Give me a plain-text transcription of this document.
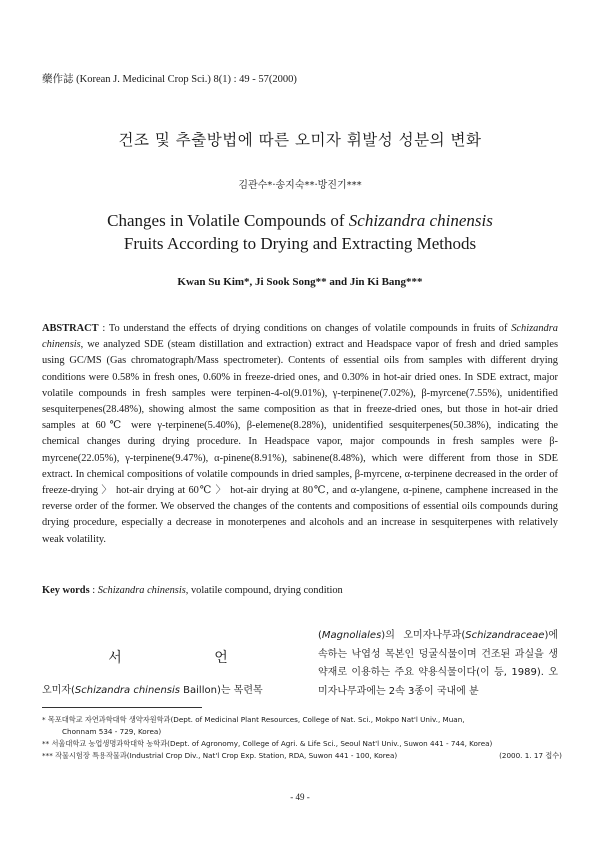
藥作誌 (Korean J. Medicinal Crop Sci.) 8(1) : 49 - 57(2000)
건조 및 추출방법에 따른 오미자 휘발성 성분의 변화
김관수*·송지숙**·방진기***
Changes in Volatile Compounds of Schizandra chinensis
Fruits According to Drying and Extracting Methods
Kwan Su Kim*, Ji Sook Song** and Jin Ki Bang***
ABSTRACT : To understand the effects of drying conditions on changes of volatile compounds in fruits of Schizandra chinensis, we analyzed SDE (steam distillation and extraction) extract and Headspace vapor of fresh and dried samples using GC/MS (Gas chromatograph/Mass spectrometer). Contents of essential oils from samples with different drying conditions were 0.58% in fresh ones, 0.60% in freeze-dried ones, and 0.30% in hot-air dried ones. In SDE extract, major volatile compounds in fresh samples were terpinen-4-ol(9.01%), γ-terpinene(7.02%), β-myrcene(7.55%), unidentified sesquiterpenes(28.48%), showing almost the same composition as that in freeze-dried ones, but those in hot-air dried samples at 60℃ were γ-terpinene(5.40%), β-elemene(8.28%), unidentified sesquiterpenes(50.38%), indicating the chemical changes during drying procedure. In Headspace vapor, major compounds in fresh samples were β-myrcene(22.05%), γ-terpinene(9.47%), α-pinene(8.91%), sabinene(8.48%), which were different from those in SDE extract. In chemical compositions of volatile compounds in dried samples, β-myrcene, α-terpinene decreased in the order of freeze-drying 〉 hot-air drying at 60℃ 〉 hot-air drying at 80℃, and α-ylangene, α-pinene, camphene increased in the reverse order of the former. We observed the changes of the contents and compositions of essential oils compounds during drying procedure, especially a decrease in monoterpenes and alcohols and an increase in sesquiterpenes with relatively weak volatility.
Key words : Schizandra chinensis, volatile compound, drying condition
서 언
오미자(Schizandra chinensis Baillon)는 목련목
(Magnoliales)의 오미자나무과(Schizandraceae)에 속하는 낙엽성 목본인 덩굴식물이며 건조된 과실을 생약재로 이용하는 주요 약용식물이다(이 등, 1989). 오미자나무과에는 2속 3종이 국내에 분
* 목포대학교 자연과학대학 생약자원학과(Dept. of Medicinal Plant Resources, College of Nat. Sci., Mokpo Nat'l Univ., Muan,
Chonnam 534 - 729, Korea)
** 서울대학교 농업생명과학대학 농학과(Dept. of Agronomy, College of Agri. & Life Sci., Seoul Nat'l Univ., Suwon 441 - 744, Korea)
*** 작물시험장 특용작물과(Industrial Crop Div., Nat'l Crop Exp. Station, RDA, Suwon 441 - 100, Korea)	(2000. 1. 17 접수)
- 49 -
